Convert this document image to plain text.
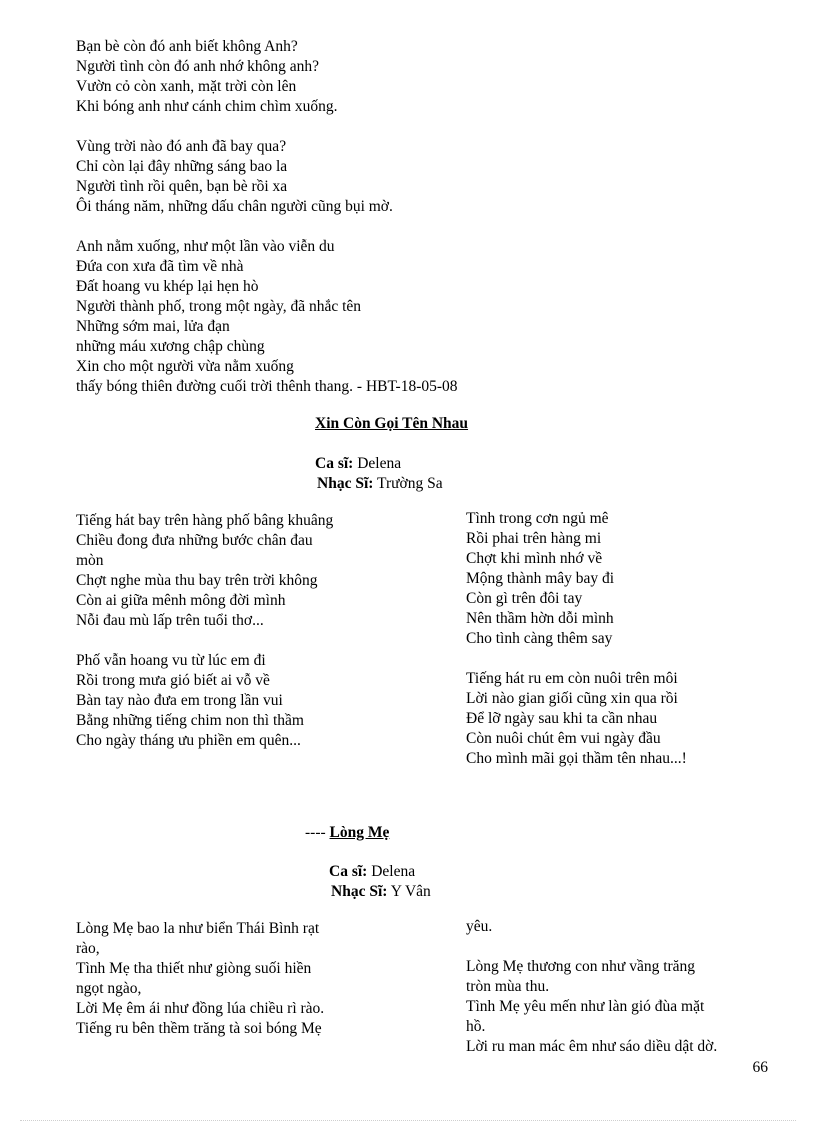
Bạn bè còn đó anh biết không Anh?
Người tình còn đó anh nhớ không anh?
Vườn cỏ còn xanh, mặt trời còn lên
Khi bóng anh như cánh chim chìm xuống.
Vùng trời nào đó anh đã bay qua?
Chỉ còn lại đây những sáng bao la
Người tình rồi quên, bạn bè rồi xa
Ôi tháng năm, những dấu chân người cũng bụi mờ.
Anh nằm xuống, như một lần vào viễn du
Đứa con xưa đã tìm về nhà
Đất hoang vu khép lại hẹn hò
Người thành phố, trong một ngày, đã nhắc tên
Những sớm mai, lửa đạn
những máu xương chập chùng
Xin cho một người vừa nằm xuống
thấy bóng thiên đường cuối trời thênh thang. - HBT-18-05-08
Xin Còn Gọi Tên Nhau
Ca sĩ: Delena
Nhạc Sĩ: Trường Sa
Tiếng hát bay trên hàng phố bâng khuâng
Chiều đong đưa những bước chân đau
mòn
Chợt nghe mùa thu bay trên trời không
Còn ai giữa mênh mông đời mình
Nỗi đau mù lấp trên tuổi thơ...
Phố vẫn hoang vu từ lúc em đi
Rồi trong mưa gió biết ai vỗ về
Bàn tay nào đưa em trong lần vui
Bằng những tiếng chim non thì thầm
Cho ngày tháng ưu phiền em quên...
Tình trong cơn ngủ mê
Rồi phai trên hàng mi
Chợt khi mình nhớ về
Mộng thành mây bay đi
Còn gì trên đôi tay
Nên thầm hờn dỗi mình
Cho tình càng thêm say
Tiếng hát ru em còn nuôi trên môi
Lời nào gian giối cũng xin qua rồi
Để lỡ ngày sau khi ta cần nhau
Còn nuôi chút êm vui ngày đầu
Cho mình mãi gọi thầm tên nhau...!
---- Lòng Mẹ
Ca sĩ: Delena
Nhạc Sĩ: Y Vân
Lòng Mẹ bao la như biển Thái Bình rạt
rào,
Tình Mẹ tha thiết như giòng suối hiền
ngọt ngào,
Lời Mẹ êm ái như đồng lúa chiều rì rào.
Tiếng ru bên thềm trăng tà soi bóng Mẹ
yêu.
Lòng Mẹ thương con như vầng trăng
tròn mùa thu.
Tình Mẹ yêu mến như làn gió đùa mặt
hồ.
Lời ru man mác êm như sáo diều dật dờ.
66
